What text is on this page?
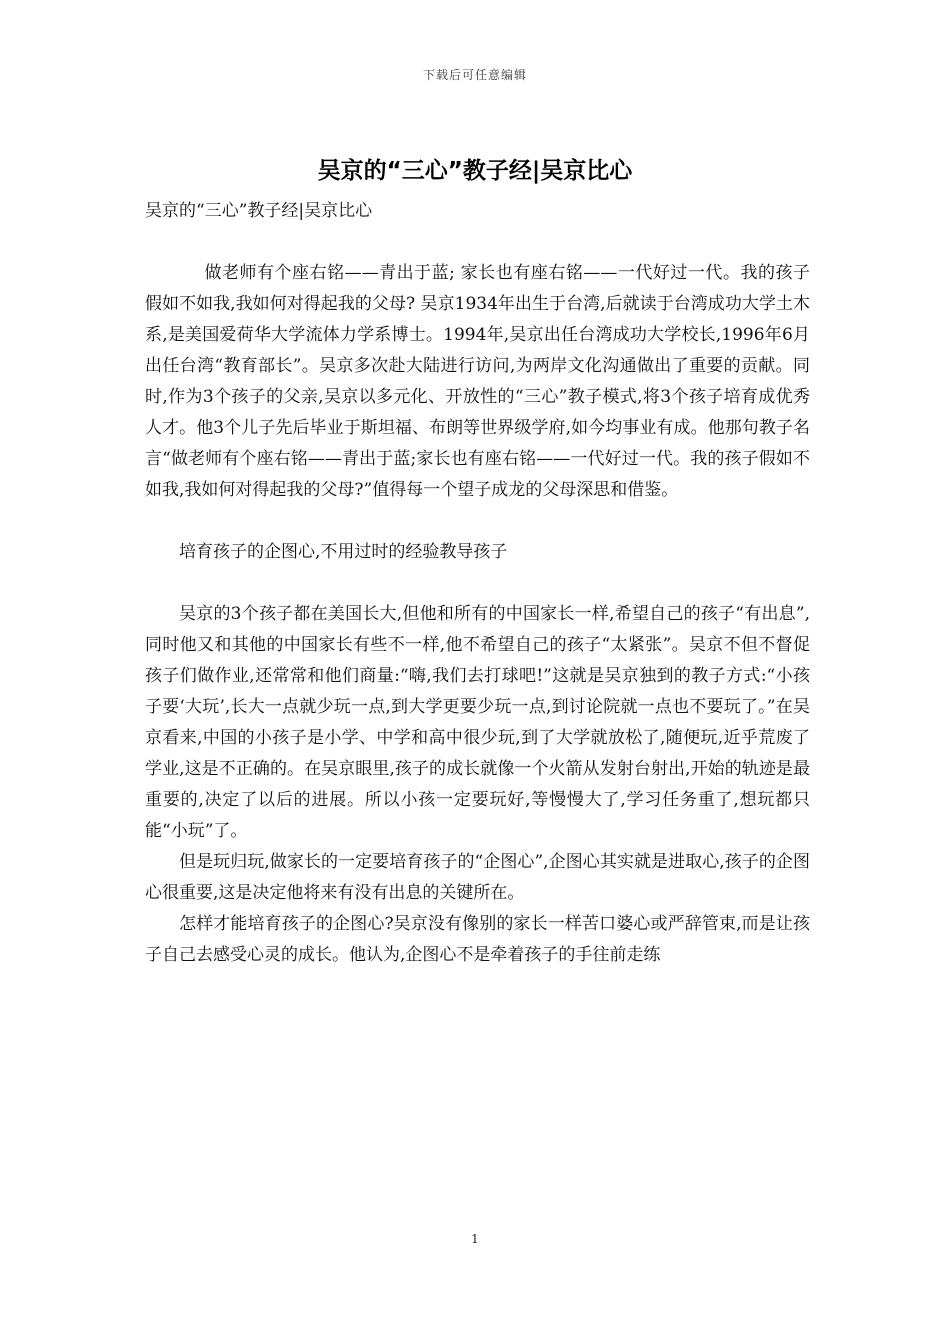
下载后可任意编辑
吴京的“三心”教子经|吴京比心

吴京的“三心”教子经|吴京比心

做老师有个座右铭——青出于蓝; 家长也有座右铭——一代好过一代。我的孩子假如不如我,我如何对得起我的父母? 吴京1934年出生于台湾,后就读于台湾成功大学土木系,是美国爱荷华大学流体力学系博士。1994年,吴京出任台湾成功大学校长,1996年6月出任台湾“教育部长”。吴京多次赴大陆进行访问,为两岸文化沟通做出了重要的贡献。同时,作为3个孩子的父亲,吴京以多元化、开放性的“三心”教子模式,将3个孩子培育成优秀人才。他3个儿子先后毕业于斯坦福、布朗等世界级学府,如今均事业有成。他那句教子名言“做老师有个座右铭——青出于蓝;家长也有座右铭——一代好过一代。我的孩子假如不如我,我如何对得起我的父母?”值得每一个望子成龙的父母深思和借鉴。

培育孩子的企图心,不用过时的经验教导孩子

吴京的3个孩子都在美国长大,但他和所有的中国家长一样,希望自己的孩子“有出息”,同时他又和其他的中国家长有些不一样,他不希望自己的孩子“太紧张”。吴京不但不督促孩子们做作业,还常常和他们商量:“嗨,我们去打球吧!”这就是吴京独到的教子方式:“小孩子要‘大玩’,长大一点就少玩一点,到大学更要少玩一点,到讨论院就一点也不要玩了。”在吴京看来,中国的小孩子是小学、中学和高中很少玩,到了大学就放松了,随便玩,近乎荒废了学业,这是不正确的。在吴京眼里,孩子的成长就像一个火箭从发射台射出,开始的轨迹是最重要的,决定了以后的进展。所以小孩一定要玩好,等慢慢大了,学习任务重了,想玩都只能“小玩”了。

但是玩归玩,做家长的一定要培育孩子的“企图心”,企图心其实就是进取心,孩子的企图心很重要,这是决定他将来有没有出息的关键所在。

怎样才能培育孩子的企图心?吴京没有像别的家长一样苦口婆心或严辞管束,而是让孩子自己去感受心灵的成长。他认为,企图心不是牵着孩子的手往前走练

1
